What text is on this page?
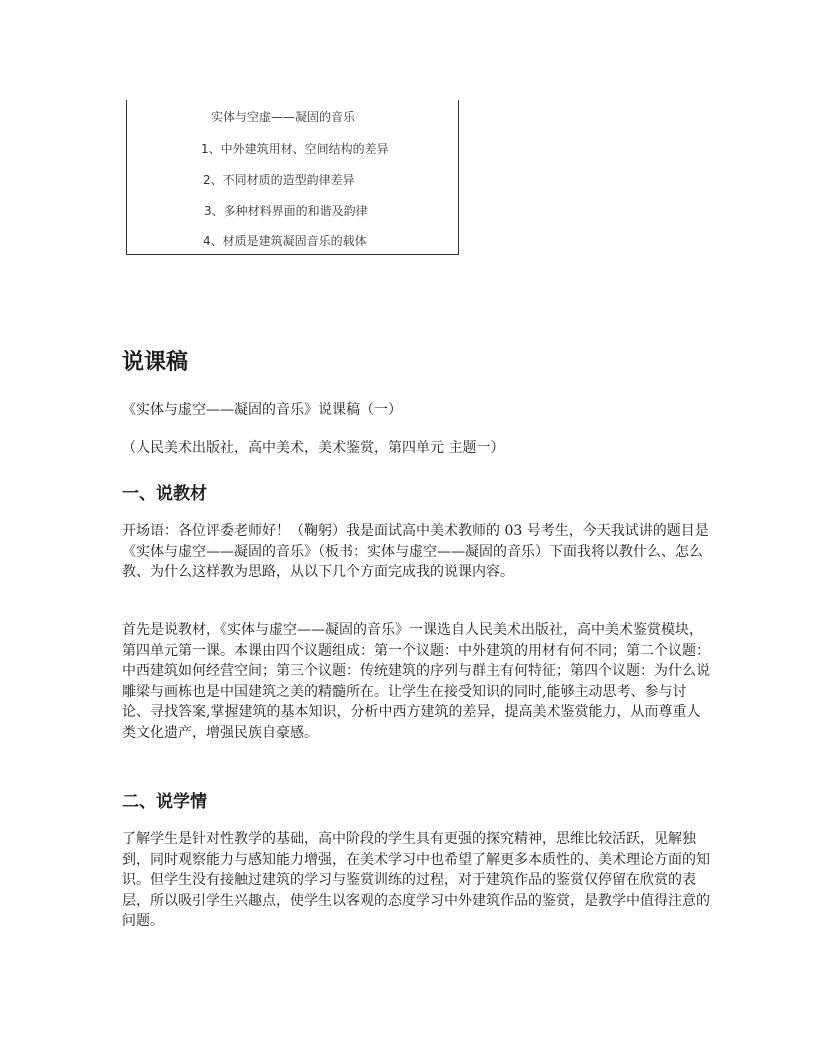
实体与空虚——凝固的音乐
1、中外建筑用材、空间结构的差异
2、不同材质的造型韵律差异
3、多种材料界面的和谐及韵律
4、材质是建筑凝固音乐的载体
说课稿

《实体与虚空——凝固的音乐》说课稿（一）

（人民美术出版社，高中美术，美术鉴赏，第四单元 主题一）

一、说教材

开场语：各位评委老师好！（鞠躬）我是面试高中美术教师的 03 号考生，今天我试讲的题目是《实体与虚空——凝固的音乐》（板书：实体与虚空——凝固的音乐）下面我将以教什么、怎么教、为什么这样教为思路，从以下几个方面完成我的说课内容。

首先是说教材，《实体与虚空——凝固的音乐》一课选自人民美术出版社，高中美术鉴赏模块，第四单元第一课。本课由四个议题组成：第一个议题：中外建筑的用材有何不同；第二个议题：中西建筑如何经营空间；第三个议题：传统建筑的序列与群主有何特征；第四个议题：为什么说雕梁与画栋也是中国建筑之美的精髓所在。让学生在接受知识的同时,能够主动思考、参与讨论、寻找答案,掌握建筑的基本知识，分析中西方建筑的差异，提高美术鉴赏能力，从而尊重人类文化遗产，增强民族自豪感。

二、说学情

了解学生是针对性教学的基础，高中阶段的学生具有更强的探究精神，思维比较活跃，见解独到，同时观察能力与感知能力增强，在美术学习中也希望了解更多本质性的、美术理论方面的知识。但学生没有接触过建筑的学习与鉴赏训练的过程，对于建筑作品的鉴赏仅停留在欣赏的表层，所以吸引学生兴趣点，使学生以客观的态度学习中外建筑作品的鉴赏，是教学中值得注意的问题。
